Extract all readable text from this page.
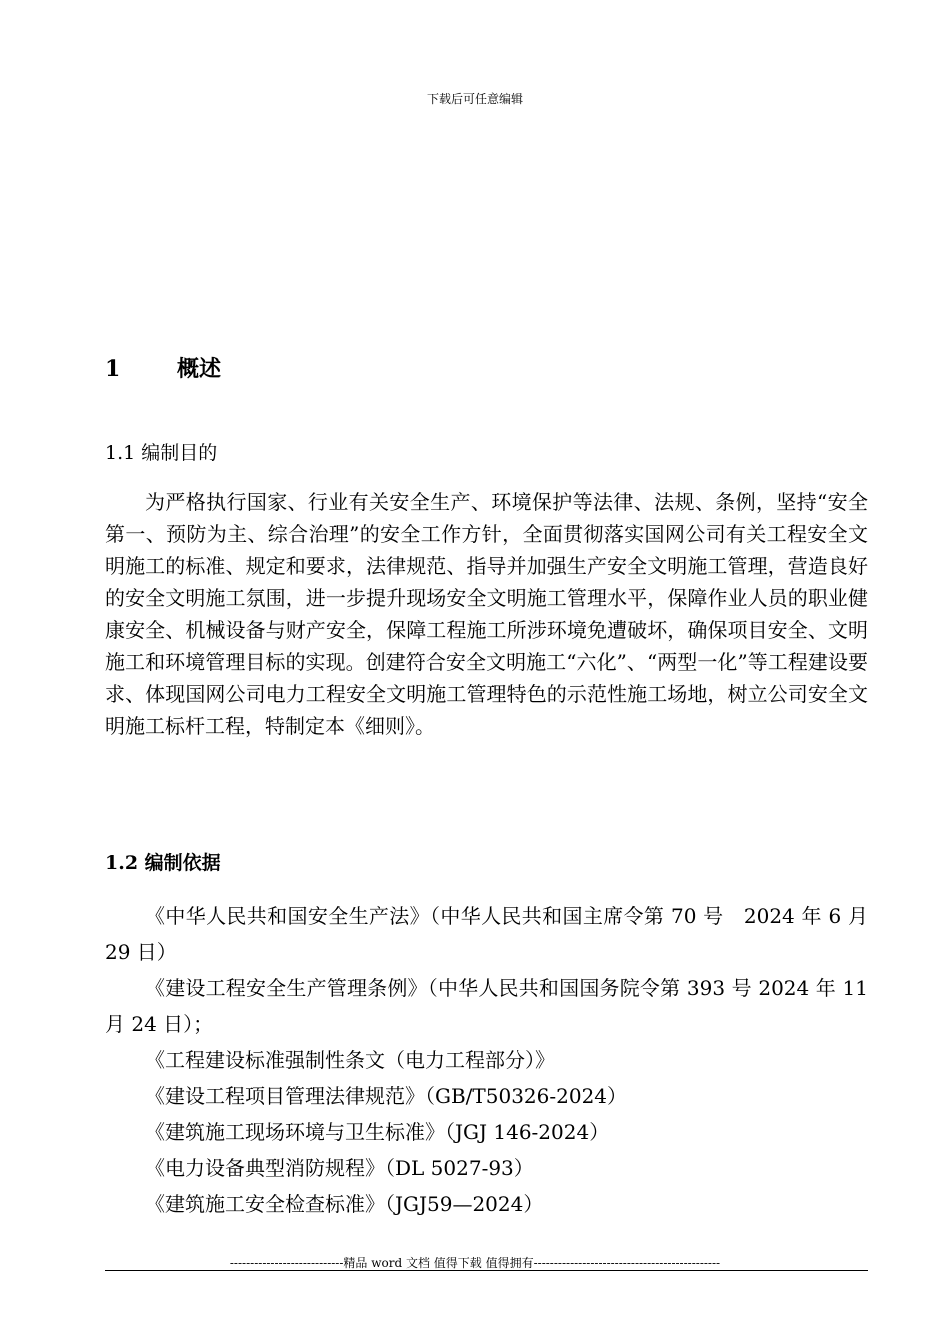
下载后可任意编辑
1	概述
1.1 编制目的

为严格执行国家、行业有关安全生产、环境保护等法律、法规、条例，坚持“安全第一、预防为主、综合治理”的安全工作方针，全面贯彻落实国网公司有关工程安全文明施工的标准、规定和要求，法律规范、指导并加强生产安全文明施工管理，营造良好的安全文明施工氛围，进一步提升现场安全文明施工管理水平，保障作业人员的职业健康安全、机械设备与财产安全，保障工程施工所涉环境免遭破坏，确保项目安全、文明施工和环境管理目标的实现。创建符合安全文明施工“六化”、“两型一化”等工程建设要求、体现国网公司电力工程安全文明施工管理特色的示范性施工场地，树立公司安全文明施工标杆工程，特制定本《细则》。

1.2 编制依据

《中华人民共和国安全生产法》（中华人民共和国主席令第 70 号　2024 年 6 月 29 日）

《建设工程安全生产管理条例》（中华人民共和国国务院令第 393 号 2024 年 11 月 24 日）；

《工程建设标准强制性条文（电力工程部分）》

《建设工程项目管理法律规范》（GB/T50326-2024）

《建筑施工现场环境与卫生标准》（JGJ 146-2024）

《电力设备典型消防规程》（DL 5027-93）

《建筑施工安全检查标准》（JGJ59—2024）

----------------------------精品 word 文档 值得下载 值得拥有----------------------------------------------
